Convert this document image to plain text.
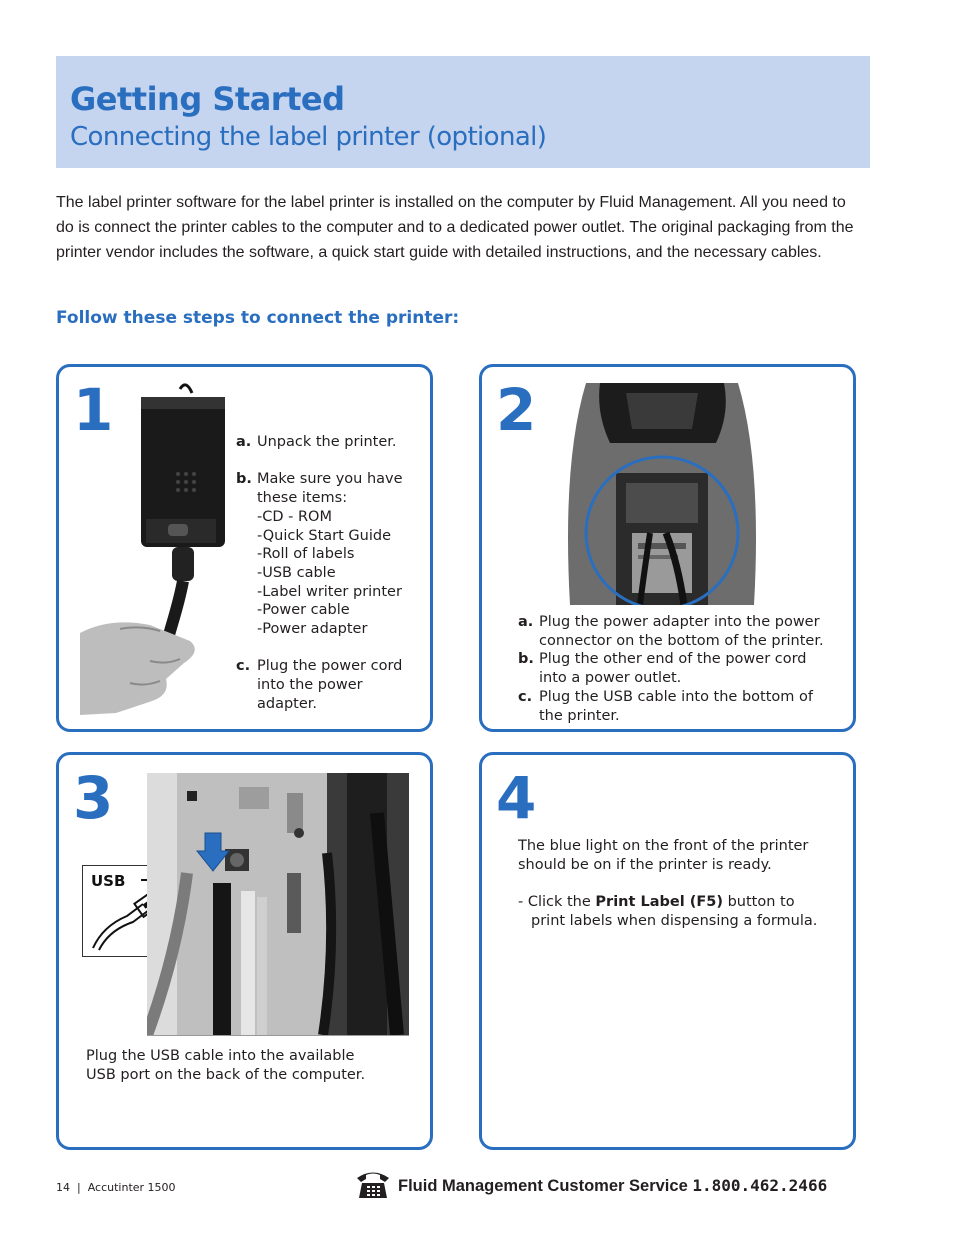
Getting Started
Connecting the label printer (optional)

The label printer software for the label printer is installed on the computer by Fluid Management. All you need to do is connect the printer cables to the computer and to a dedicated power outlet. The original packaging from the printer vendor includes the software, a quick start guide with detailed instructions, and the necessary cables.

Follow these steps to connect the printer:
1	a. Unpack the printer.
b. Make sure you have
these items:
-CD - ROM
-Quick Start Guide
-Roll of labels
-USB cable
-Label writer printer
-Power cable
-Power adapter
c. Plug the power cord into the power adapter.
2
a. Plug the power adapter into the power connector on the bottom of the printer.
b. Plug the other end of the power cord into a power outlet.
c. Plug the USB cable into the bottom of the printer.
3
USB
Plug the USB cable into the available USB port on the back of the computer.
4
The blue light on the front of the printer should be on if the printer is ready.
- Click the Print Label (F5) button to print labels when dispensing a formula.
14 | Accutinter 1500	Fluid Management Customer Service 1.800.462.2466
